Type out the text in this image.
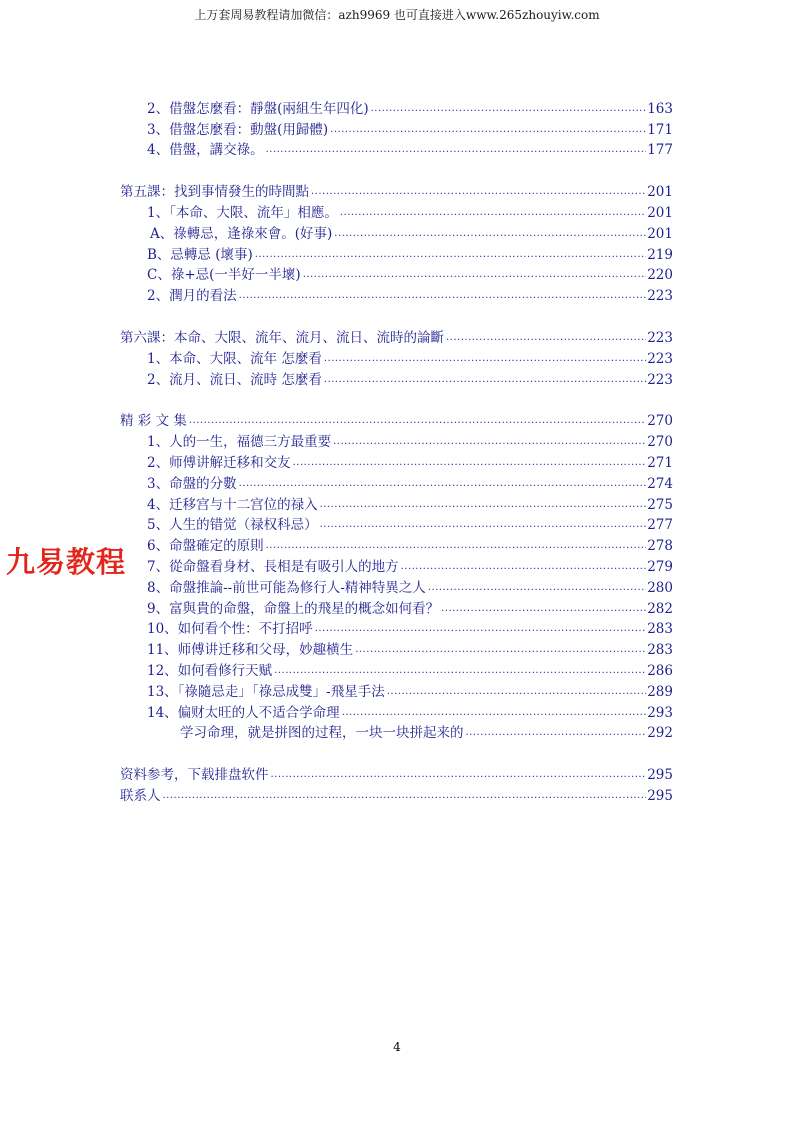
上万套周易教程请加微信：azh9969 也可直接进入www.265zhouyiw.com
2、借盤怎麼看：靜盤(兩組生年四化) .....	163
3、借盤怎麼看：動盤(用歸體) .....	171
4、借盤，講交祿。 .....	177
第五課：找到事情發生的時間點 .....	201
1、「本命、大限、流年」相應。 .....	201
A、祿轉忌，逢祿來會。(好事) .....	201
B、忌轉忌 (壞事) .....	219
C、祿+忌(一半好一半壞) .....	220
2、潤月的看法 .....	223
第六課：本命、大限、流年、流月、流日、流時的論斷 .....	223
1、本命、大限、流年 怎麼看 .....	223
2、流月、流日、流時 怎麼看 .....	223
精 彩 文 集 .....	270
1、人的一生，福德三方最重要 .....	270
2、师傅讲解迁移和交友 .....	271
3、命盤的分數 .....	274
4、迁移宫与十二宫位的禄入 .....	275
5、人生的错觉（禄权科忌） .....	277
6、命盤確定的原則 .....	278
7、從命盤看身材、長相是有吸引人的地方 .....	279
8、命盤推論--前世可能為修行人-精神特異之人 .....	280
9、富與貴的命盤，命盤上的飛星的概念如何看？ .....	282
10、如何看个性：不打招呼 .....	283
11、师傅讲迁移和父母，妙趣横生 .....	283
12、如何看修行天赋 .....	286
13、「祿隨忌走」「祿忌成雙」-飛星手法 .....	289
14、偏财太旺的人不适合学命理 .....	293
学习命理，就是拼图的过程，一块一块拼起来的 .....	292
资料参考，下载排盘软件 .....	295
联系人 .....	295
九易教程
4
